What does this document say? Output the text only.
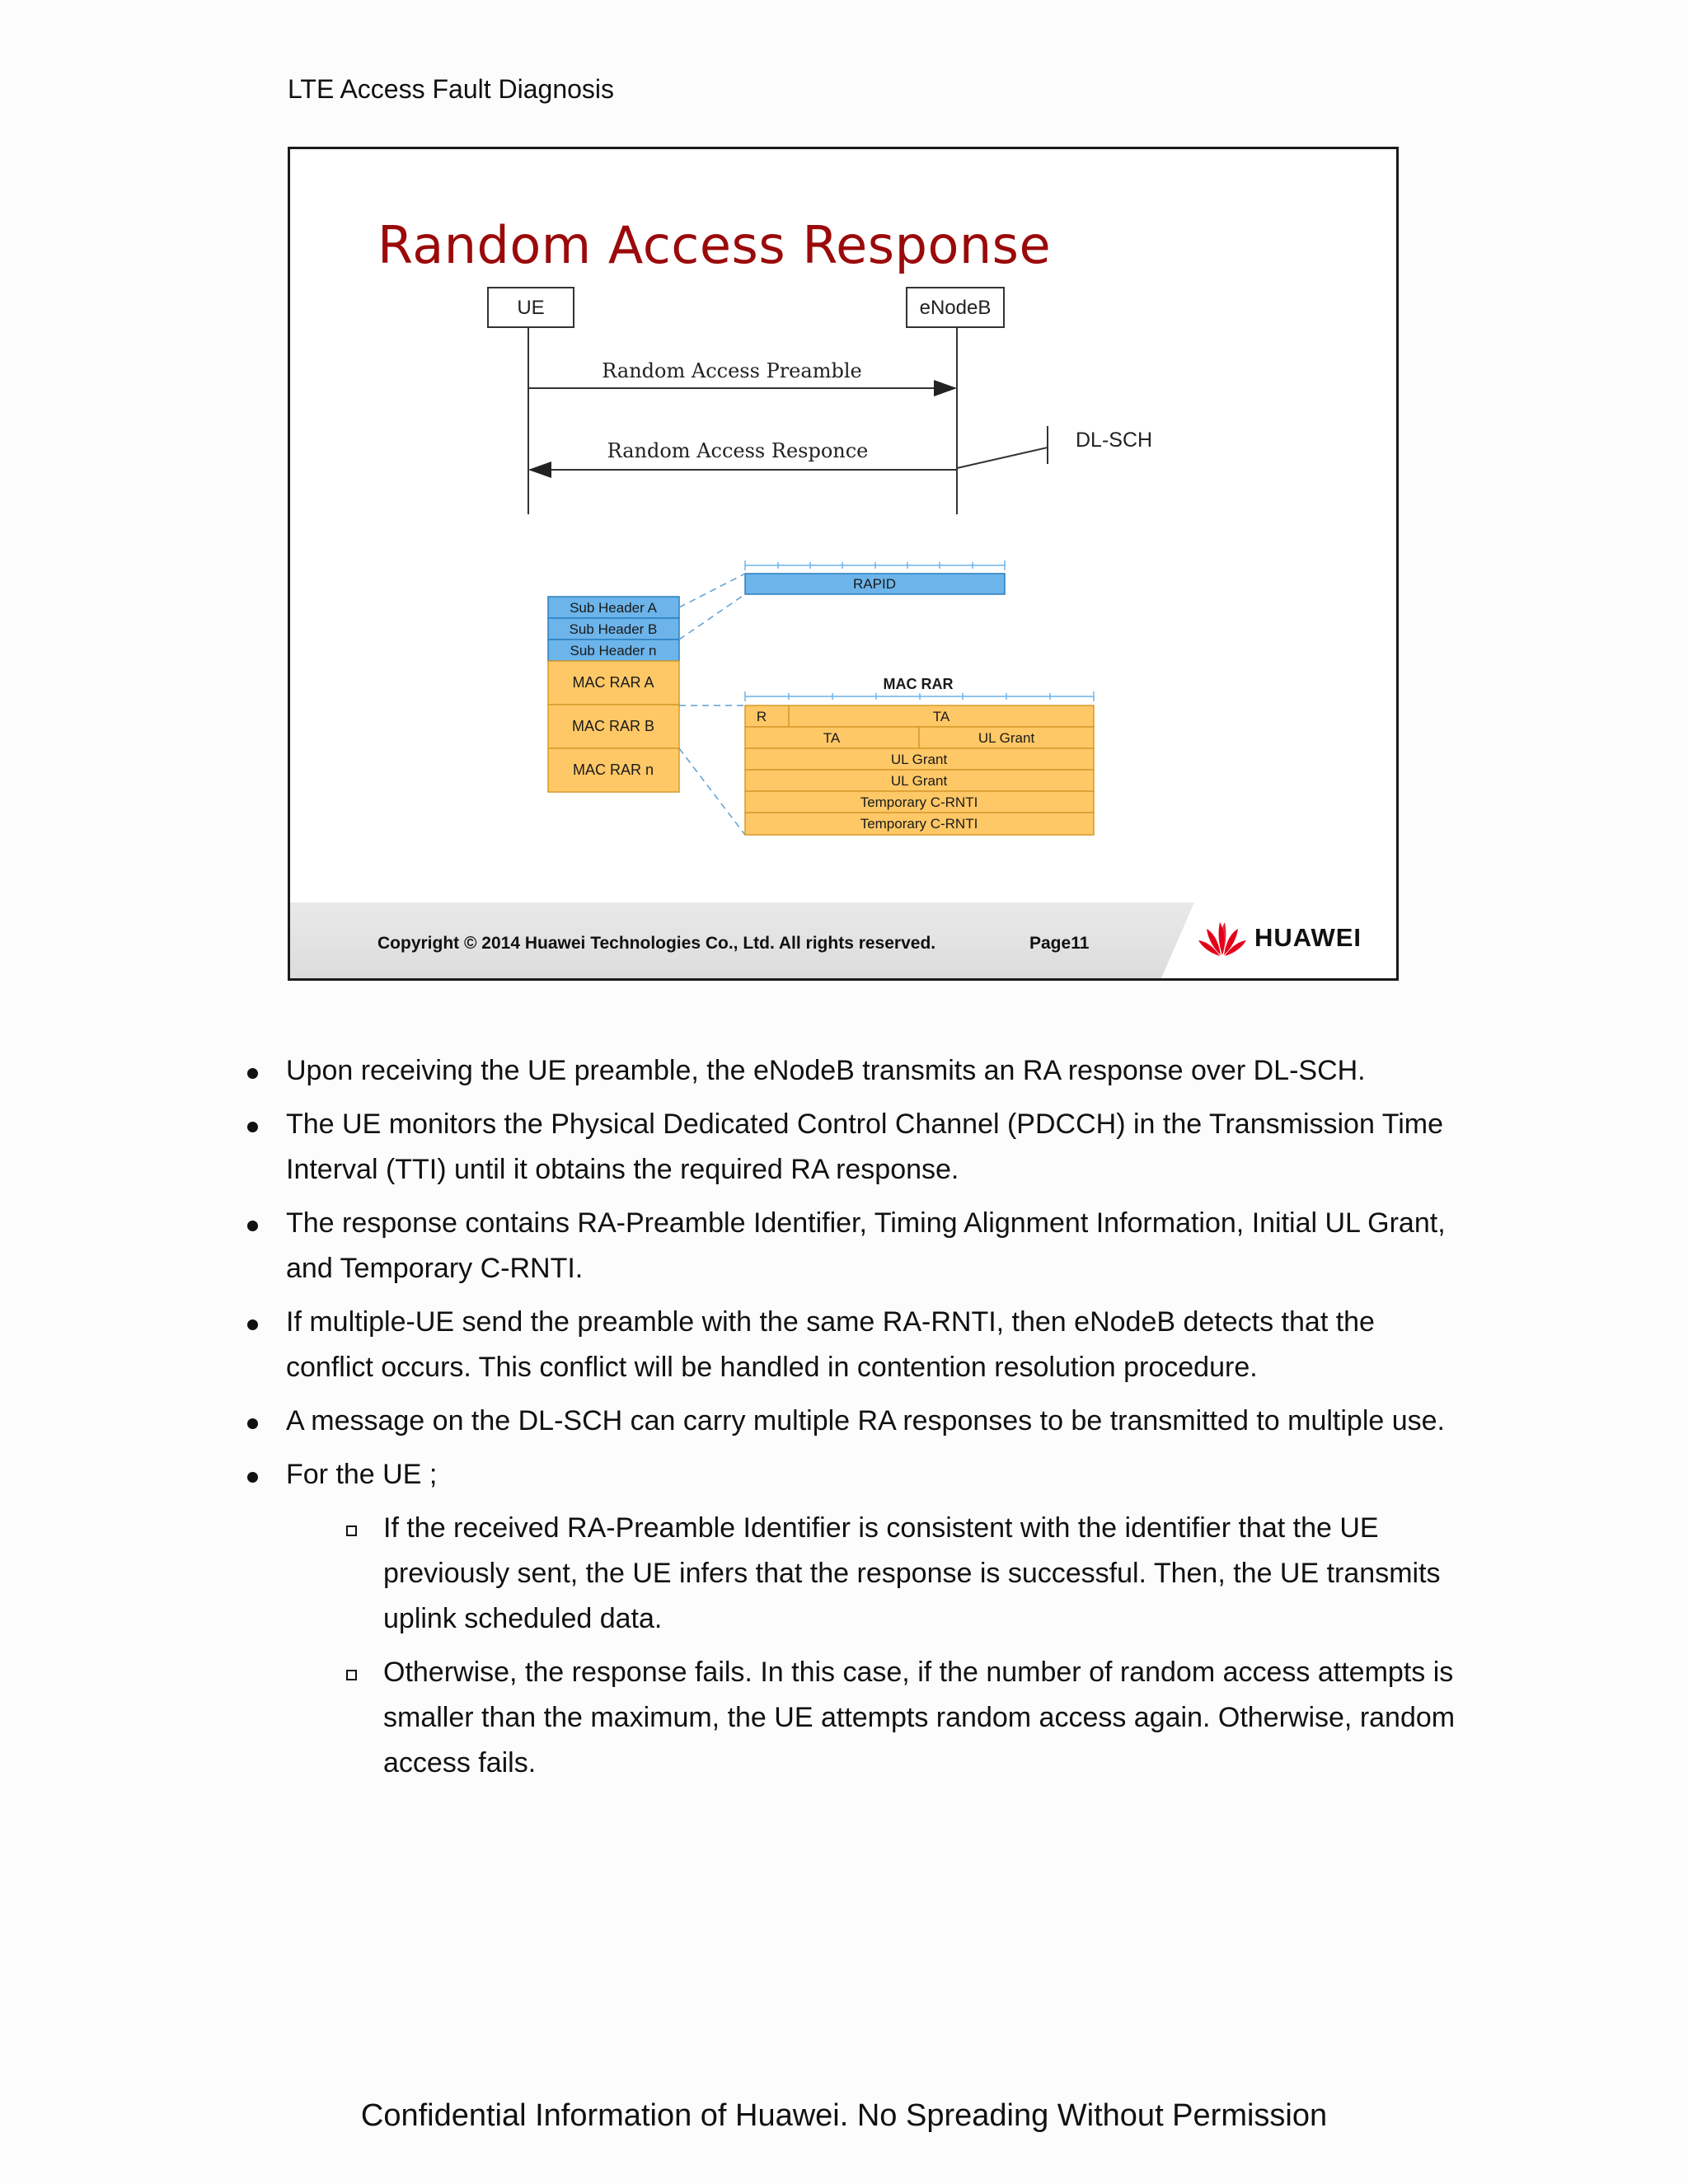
LTE Access Fault Diagnosis
Random Access Response
UE	eNodeB
Random Access Preamble
Random Access Responce	DL-SCH
RAPID
Sub Header A
Sub Header B
Sub Header n
MAC RAR A
MAC RAR B
MAC RAR n
MAC RAR
R	TA
TA	UL Grant
UL Grant
UL Grant
Temporary C-RNTI
Temporary C-RNTI
Copyright © 2014 Huawei Technologies Co., Ltd. All rights reserved.	Page11	HUAWEI
Upon receiving the UE preamble, the eNodeB transmits an RA response over DL-SCH.
The UE monitors the Physical Dedicated Control Channel (PDCCH) in the Transmission Time Interval (TTI) until it obtains the required RA response.
The response contains RA-Preamble Identifier, Timing Alignment Information, Initial UL Grant, and Temporary C-RNTI.
If multiple-UE send the preamble with the same RA-RNTI, then eNodeB detects that the conflict occurs. This conflict will be handled in contention resolution procedure.
A message on the DL-SCH can carry multiple RA responses to be transmitted to multiple use.
For the UE ;
If the received RA-Preamble Identifier is consistent with the identifier that the UE previously sent, the UE infers that the response is successful. Then, the UE transmits uplink scheduled data.
Otherwise, the response fails. In this case, if the number of random access attempts is smaller than the maximum, the UE attempts random access again. Otherwise, random access fails.
Confidential Information of Huawei. No Spreading Without Permission
